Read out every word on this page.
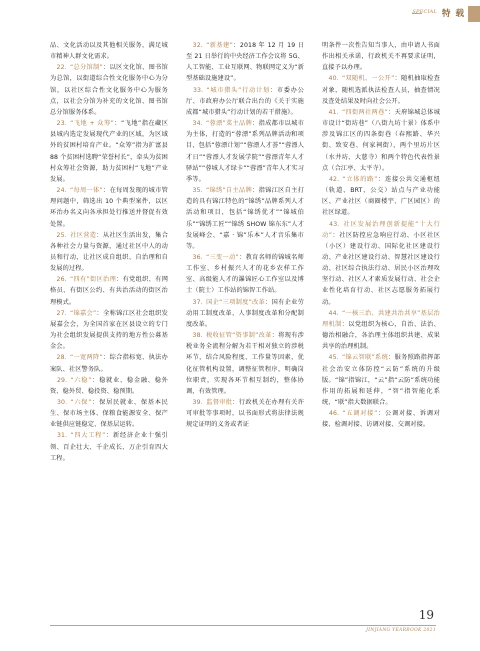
SPECIAL 特 载

品、文化活动以及其他相关服务，满足城市精神人群文化需求。

　22.  “总分馆制”：以区文化馆、图书馆为总馆，以街道综合性文化服务中心为分馆，以社区综合性文化服务中心为服务点，以社会分馆为补充的文化馆、图书馆总分馆服务体系。

　23.  “飞地 + 众筹”：“飞地”指在藏区县城内选定发展现代产业的区域，为区域外的贫困村培育产业。“众筹”指为扩富县 88 个贫困村选聘“荣誉村长”，牵头为贫困村众筹社会资源，助力贫困村“飞地”产业发展。

　24.  “每周一体”：在每周发现的城市管理问题中，筛选出 10 个典型案件，以区环治办名义向各承担处行推送并督促有效处置。

　25.  社区营造：从社区生活出发，集合各种社会力量与资源，通过社区中人的动员和行动，让社区成自组织、自治理和自发展的过程。

　26.  “四有”街区治理：有党组织、有网格员、有街区公约、有共治活动的街区治理模式。

　27.  “锦嘉会”：全称锦江区社会组织发展嘉会会，为全国首家在区县设立的专门为社会组织发展提供支持的地方性公募基金会。

　28.  “一宽两降”：综合指标宽、执法办案队、社区警务队。

　29.  “六稳”：稳就业、稳金融、稳外资、稳外贸、稳投资、稳预期。

　30.  “六保”：保居民就业、保基本民生、保市场主体、保粮食能源安全、保产业链供应链稳定、保基层运转。

　31.  “四大工程”：新经济企业十强引领、百企壮大、千企成长、万企引育四大工程。

　32.  “新基建”：2018 年 12 月 19 日至 21 日举行的中央经济工作会议将 5G、人工智能、工业互联网、物联网定义为“新型基础设施建设”。

　33.  “城市猎头”行动计划：市委办公厅、市政府办公厅联合出台的《关于实施成都“城市猎头”行动计划的若干措施》。

　34.  “蓉漂”菜主品牌：指成都市以城市为主体，打造的“蓉漂”系列品牌活动和项目，包括“蓉漂计划”“蓉漂人才荟”“蓉漂人才日”“蓉漂人才发展学院”“蓉漂青年人才驿站”“蓉城人才绿卡”“蓉漂”青年人才实习季等。

　35.  “锦绣”自主品牌：指锦江区自主打造的具有锦江特色的“锦绣”品牌系列人才活动和项目，包括“锦绣优才”“锦城伯乐”“锦绣工匠”“锦绣 SHOW 锦东东”人才发展峰会、“嘉 · 锦”乐本”人才音乐集市等。

　36.  “三变一动”：教育名师的锦城名师工作室、乡村振兴人才的花乡农样工作室、高级能人才的瀑锦匠心工作室以及博士（院士）工作站的锦智工作站。

　37.  国企“三项制度”改革：国有企业劳动用工制度改革、人事制度改革和分配制度改革。

　38.  税收征管“资事制”改革：将现有涉税业务全流程分解为若干相对独立的涉税环节，结合风险程度、工作量等因素，优化征管机构设置，调整征管程序，明确岗位职责，实现各环节相互制约，整体协调，有效管理。

　39.  监督审批：行政机关在办理有关许可审批等事项时，以书面形式将法律法规规定证明的义务或者证

明条件一次性告知当事人，由申请人书面作出相关承诺，行政机关不再要求证明，直接予以办理。

　40.  “双随机、一公开”：随机抽取检查对象，随机选派执法检查人员，抽查情况及查处结果及时向社会公开。

　41.  “四街两社两巷”：天府锦城总体城市设计“街坊巷”（八街九坊十景）体系中涉及锦江区的四条街巷（春熙路、华兴街、致安巷、何家祠街），两个里坊片区（水井坊、大慈寺）和两个特色代表性景点（合江亭、太平寺）。

　42.  “立体的路”：连接公共交通枢纽（轨道、BRT、公交）站点与产业功能区、产业社区（商圈楼宇、广区园区）的社区绿道。

　43.  社区发展治理创新提能“十大行动”：社区防控应急响应行动、小区社区（小区）建设行动、国际化社区建设行动、产业社区建设行动、智慧社区建设行动、社区综合执法行动、居民小区治理攻坚行动、社区人才素质发展行动、社会企业性化培育行动、社区志愿服务拓展行动。

　44.  “一核三治、共建共治共享”基层治理机制：以党组织为核心，自治、法治、德治相融合，各治理主体组织共建、成果共享的治理机制。

　45.  “锦云智联”系统：服务照路指挥部社会治安立体防控“云防”系统的升级版。“锦”指锦江，“云”指“云防”系统功能作用的拓展和延伸，“智”指智能化系统，“联”指大数据联合。

　46.  “五调对接”：公调对接、诉调对接、检调对接、访调对接、交调对接。

19
JINJIANG YEARBOOK 2021
